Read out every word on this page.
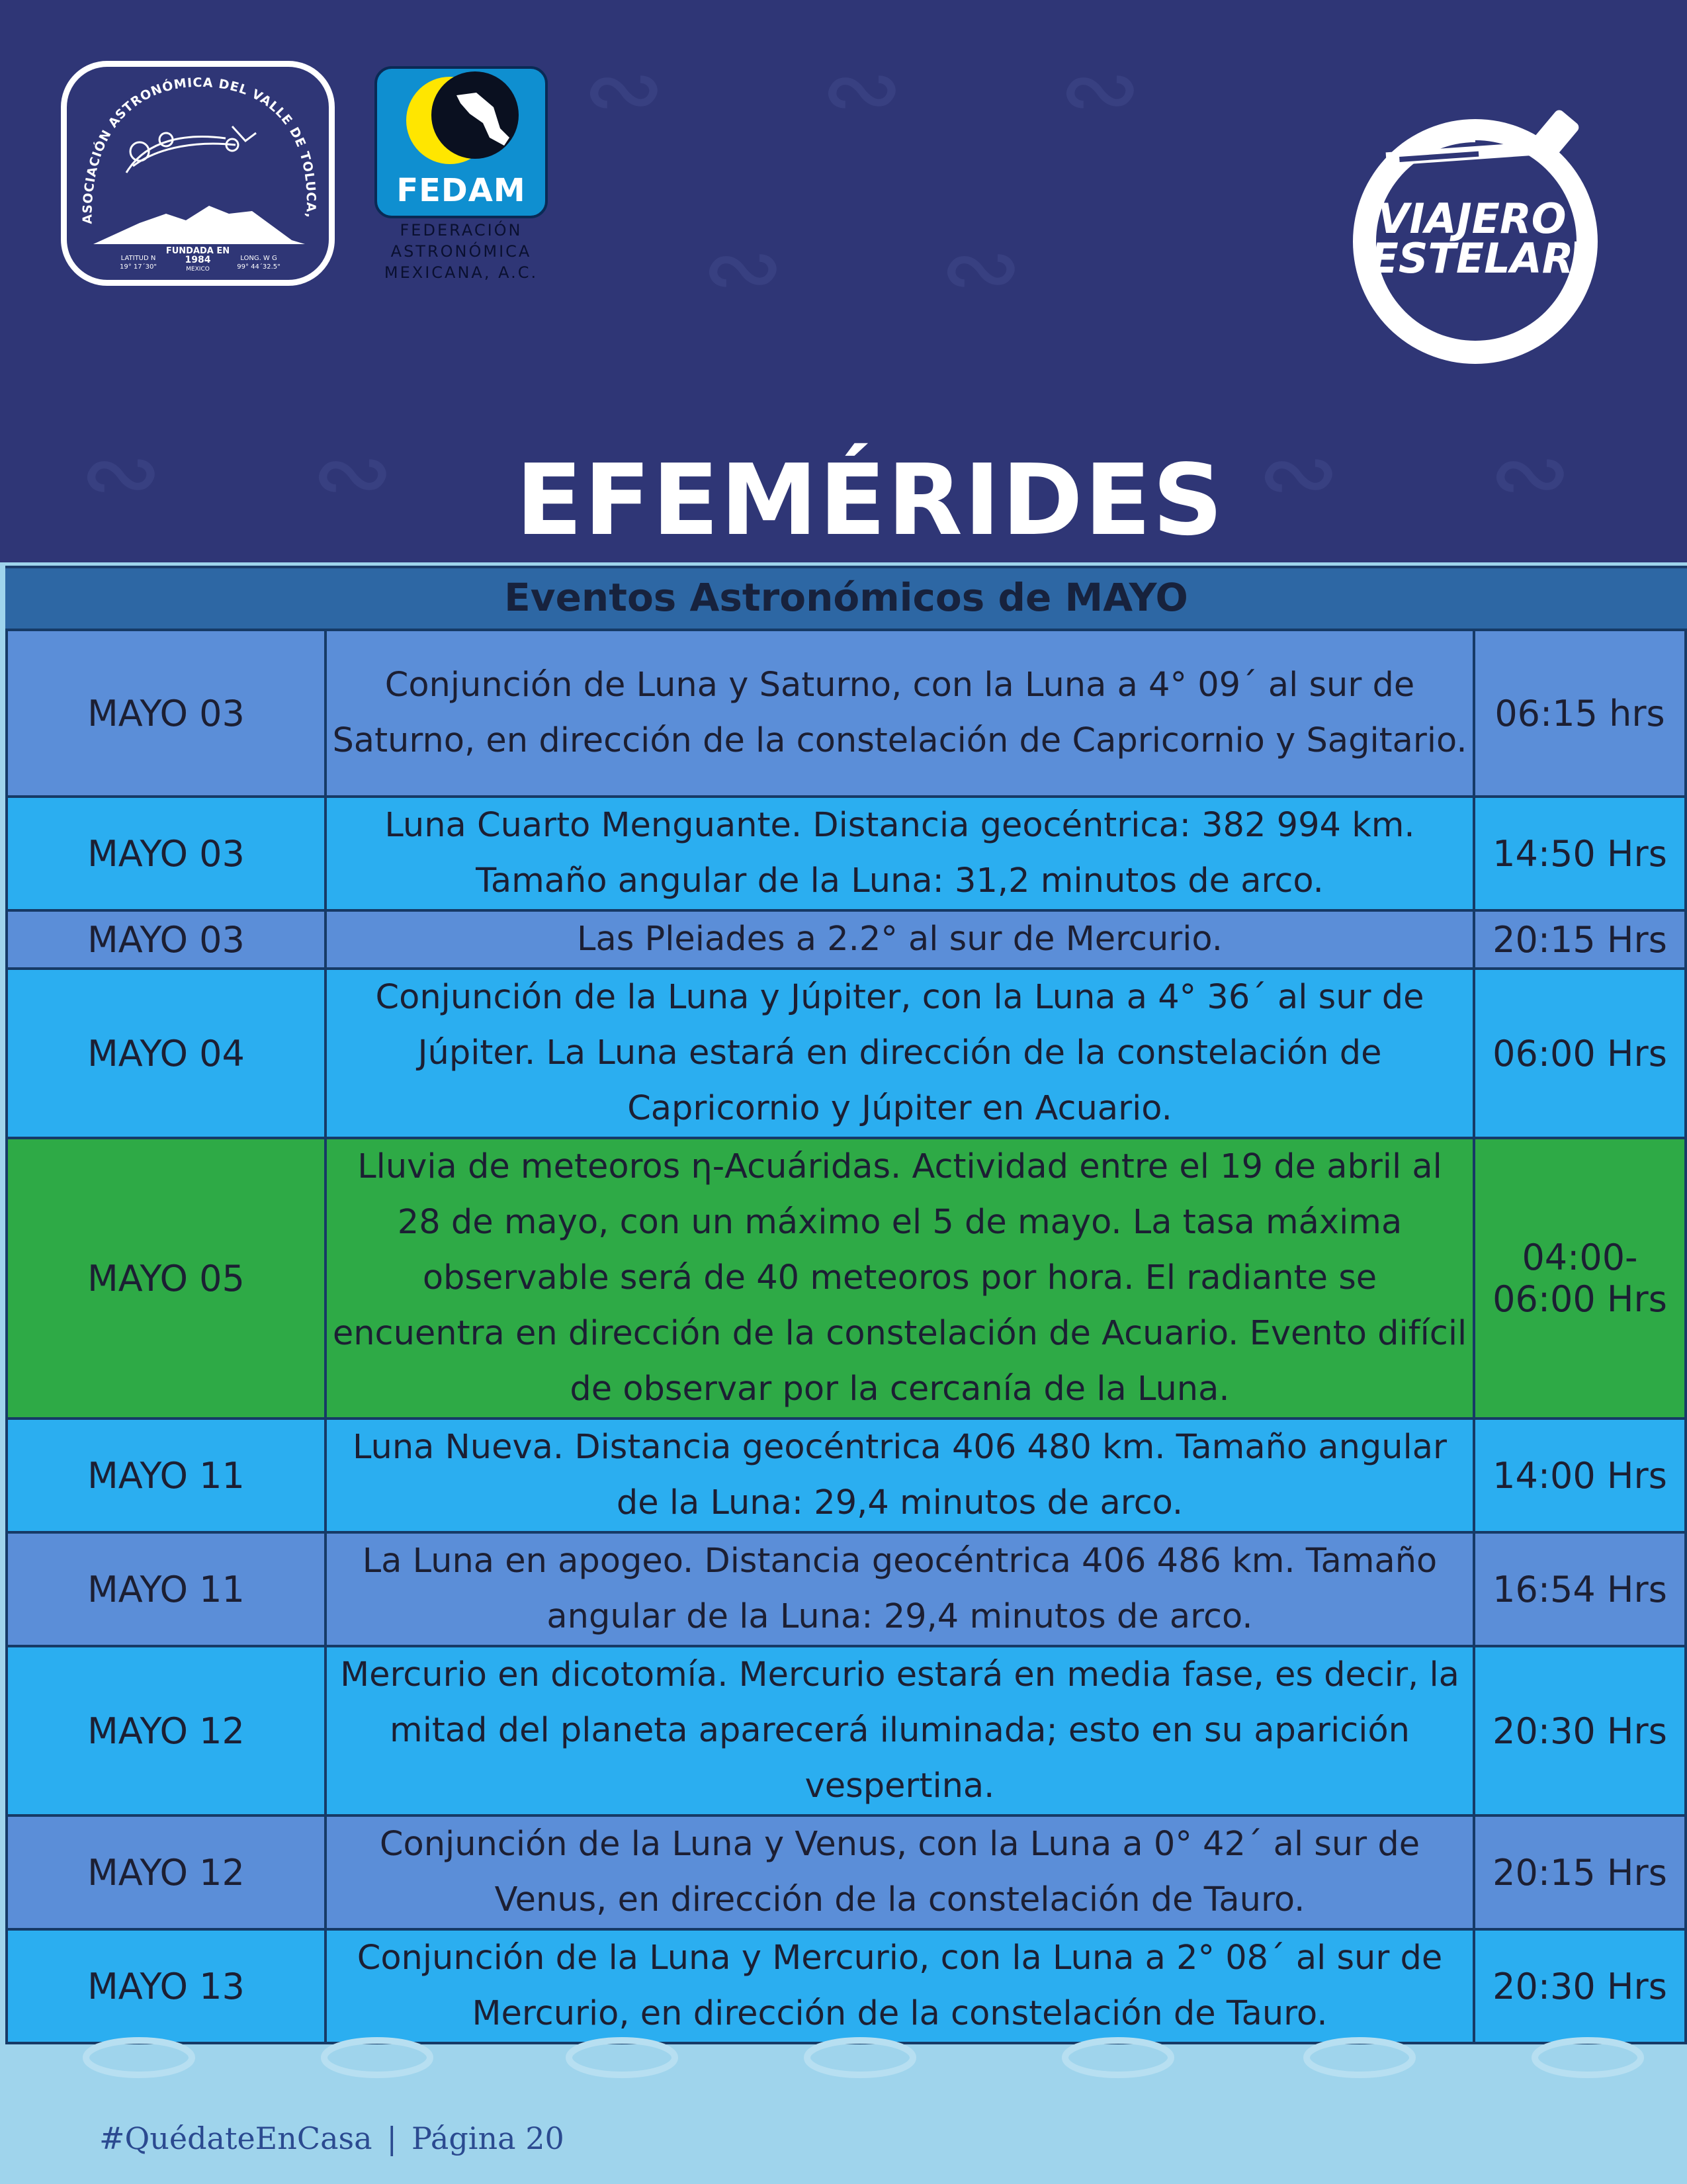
∾ ∾ ∾
∾ ∾
∾ ∾	∾ ∾
ASOCIACIÓN ASTRONÓMICA DEL VALLE DE TOLUCA,
FUNDADA EN
1984
MEXICO
LATITUD N
19° 17´30"
LONG. W G
99° 44´32.5"
FEDAM
FEDERACIÓN
ASTRONÓMICA
MEXICANA, A.C.
VIAJERO
ESTELAR
EFEMÉRIDES
Eventos Astronómicos de MAYO
MAYO 03	Conjunción de Luna y Saturno, con la Luna a 4° 09´ al sur de Saturno, en dirección de la constelación de Capricornio y Sagitario.	06:15 hrs
MAYO 03	Luna Cuarto Menguante. Distancia geocéntrica: 382 994 km. Tamaño angular de la Luna: 31,2 minutos de arco.	14:50 Hrs
MAYO 03	Las Pleiades a 2.2° al sur de Mercurio.	20:15 Hrs
MAYO 04	Conjunción de la Luna y Júpiter, con la Luna a 4° 36´ al sur de Júpiter. La Luna estará en dirección de la constelación de Capricornio y Júpiter en Acuario.	06:00 Hrs
MAYO 05	Lluvia de meteoros η-Acuáridas. Actividad entre el 19 de abril al 28 de mayo, con un máximo el 5 de mayo. La tasa máxima observable será de 40 meteoros por hora. El radiante se encuentra en dirección de la constelación de Acuario. Evento difícil de observar por la cercanía de la Luna.	04:00-06:00 Hrs
MAYO 11	Luna Nueva. Distancia geocéntrica 406 480 km. Tamaño angular de la Luna: 29,4 minutos de arco.	14:00 Hrs
MAYO 11	La Luna en apogeo. Distancia geocéntrica 406 486 km. Tamaño angular de la Luna: 29,4 minutos de arco.	16:54 Hrs
MAYO 12	Mercurio en dicotomía. Mercurio estará en media fase, es decir, la mitad del planeta aparecerá iluminada; esto en su aparición vespertina.	20:30 Hrs
MAYO 12	Conjunción de la Luna y Venus, con la Luna a 0° 42´ al sur de Venus, en dirección de la constelación de Tauro.	20:15 Hrs
MAYO 13	Conjunción de la Luna y Mercurio, con la Luna a 2° 08´ al sur de Mercurio, en dirección de la constelación de Tauro.	20:30 Hrs
#QuédateEnCasa | Página 20
